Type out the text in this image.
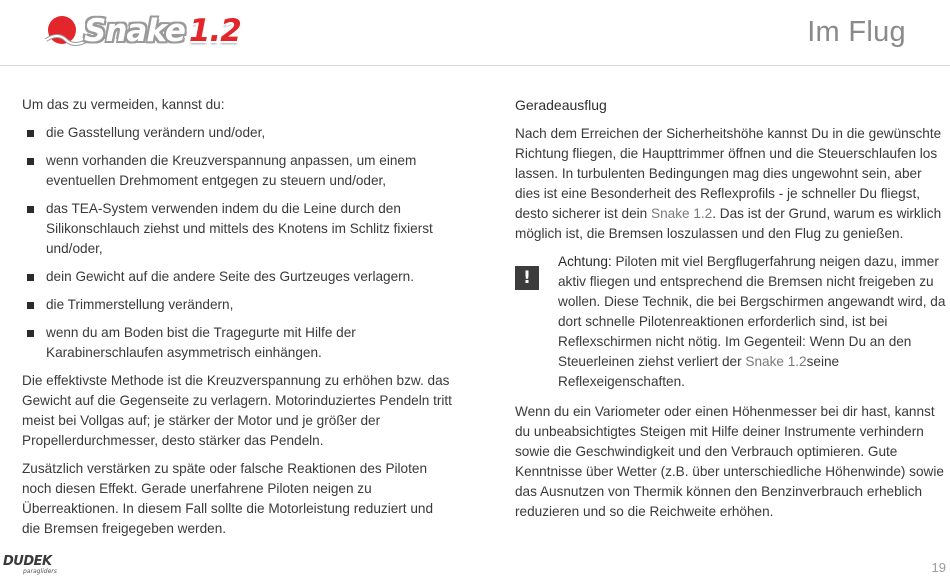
Snake 1.2	Im Flug

Um das zu vermeiden, kannst du:

die Gasstellung verändern und/oder,
wenn vorhanden die Kreuzverspannung anpassen, um einem eventuellen Drehmoment entgegen zu steuern und/oder,
das TEA-System verwenden indem du die Leine durch den Silikonschlauch ziehst und mittels des Knotens im Schlitz fixierst und/oder,
dein Gewicht auf die andere Seite des Gurtzeuges verlagern.
die Trimmerstellung verändern,
wenn du am Boden bist die Tragegurte mit Hilfe der Karabinerschlaufen asymmetrisch einhängen.

Die effektivste Methode ist die Kreuzverspannung zu erhöhen bzw. das Gewicht auf die Gegenseite zu verlagern. Motorinduziertes Pendeln tritt meist bei Vollgas auf; je stärker der Motor und je größer der Propellerdurchmesser, desto stärker das Pendeln.

Zusätzlich verstärken zu späte oder falsche Reaktionen des Piloten noch diesen Effekt. Gerade unerfahrene Piloten neigen zu Überreaktionen. In diesem Fall sollte die Motorleistung reduziert und die Bremsen freigegeben werden.

Geradeausflug

Nach dem Erreichen der Sicherheitshöhe kannst Du in die gewünschte Richtung fliegen, die Haupttrimmer öffnen und die Steuerschlaufen los lassen. In turbulenten Bedingungen mag dies ungewohnt sein, aber dies ist eine Besonderheit des Reflexprofils - je schneller Du fliegst, desto sicherer ist dein Snake 1.2. Das ist der Grund, warum es wirklich möglich ist, die Bremsen loszulassen und den Flug zu genießen.

!

Achtung: Piloten mit viel Bergflugerfahrung neigen dazu, immer aktiv fliegen und entsprechend die Bremsen nicht freigeben zu wollen. Diese Technik, die bei Bergschirmen angewandt wird, da dort schnelle Pilotenreaktionen erforderlich sind, ist bei Reflexschirmen nicht nötig. Im Gegenteil: Wenn Du an den Steuerleinen ziehst verliert der Snake 1.2seine Reflexeigenschaften.

Wenn du ein Variometer oder einen Höhenmesser bei dir hast, kannst du unbeabsichtigtes Steigen mit Hilfe deiner Instrumente verhindern sowie die Geschwindigkeit und den Verbrauch optimieren. Gute Kenntnisse über Wetter (z.B. über unterschiedliche Höhenwinde) sowie das Ausnutzen von Thermik können den Benzinverbrauch erheblich reduzieren und so die Reichweite erhöhen.

DUDEK
paragliders	19
